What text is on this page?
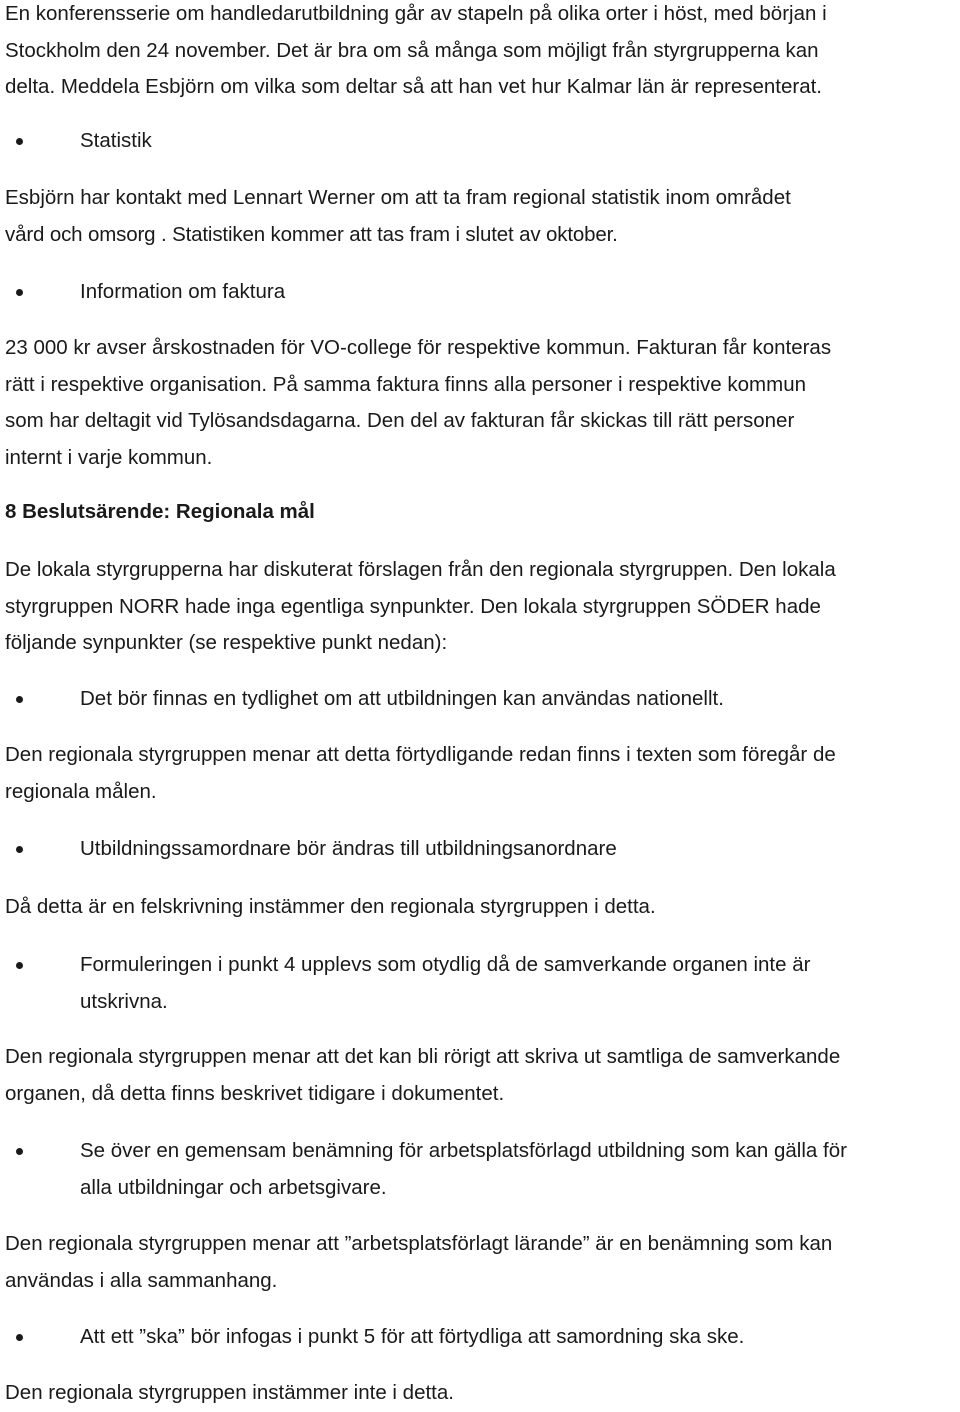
En konferensserie om handledarutbildning går av stapeln på olika orter i höst, med början i

Stockholm den 24 november. Det är bra om så många som möjligt från styrgrupperna kan

delta. Meddela Esbjörn om vilka som deltar så att han vet hur Kalmar län är representerat.

Statistik

Esbjörn har kontakt med Lennart Werner om att ta fram regional statistik inom området

vård och omsorg . Statistiken kommer att tas fram i slutet av oktober.

Information om faktura

23 000 kr avser årskostnaden för VO-college för respektive kommun. Fakturan får konteras

rätt i respektive organisation. På samma faktura finns alla personer i respektive kommun

som har deltagit vid Tylösandsdagarna. Den del av fakturan får skickas till rätt personer

internt i varje kommun.

8 Beslutsärende: Regionala mål

De lokala styrgrupperna har diskuterat förslagen från den regionala styrgruppen. Den lokala

styrgruppen NORR hade inga egentliga synpunkter. Den lokala styrgruppen SÖDER hade

följande synpunkter (se respektive punkt nedan):

Det bör finnas en tydlighet om att utbildningen kan användas nationellt.

Den regionala styrgruppen menar att detta förtydligande redan finns i texten som föregår de

regionala målen.

Utbildningssamordnare bör ändras till utbildningsanordnare

Då detta är en felskrivning instämmer den regionala styrgruppen i detta.

Formuleringen i punkt 4 upplevs som otydlig då de samverkande organen inte är
utskrivna.

Den regionala styrgruppen menar att det kan bli rörigt att skriva ut samtliga de samverkande

organen, då detta finns beskrivet tidigare i dokumentet.

Se över en gemensam benämning för arbetsplatsförlagd utbildning som kan gälla för
alla utbildningar och arbetsgivare.

Den regionala styrgruppen menar att ”arbetsplatsförlagt lärande” är en benämning som kan

användas i alla sammanhang.

Att ett ”ska” bör infogas i punkt 5 för att förtydliga att samordning ska ske.

Den regionala styrgruppen instämmer inte i detta.
